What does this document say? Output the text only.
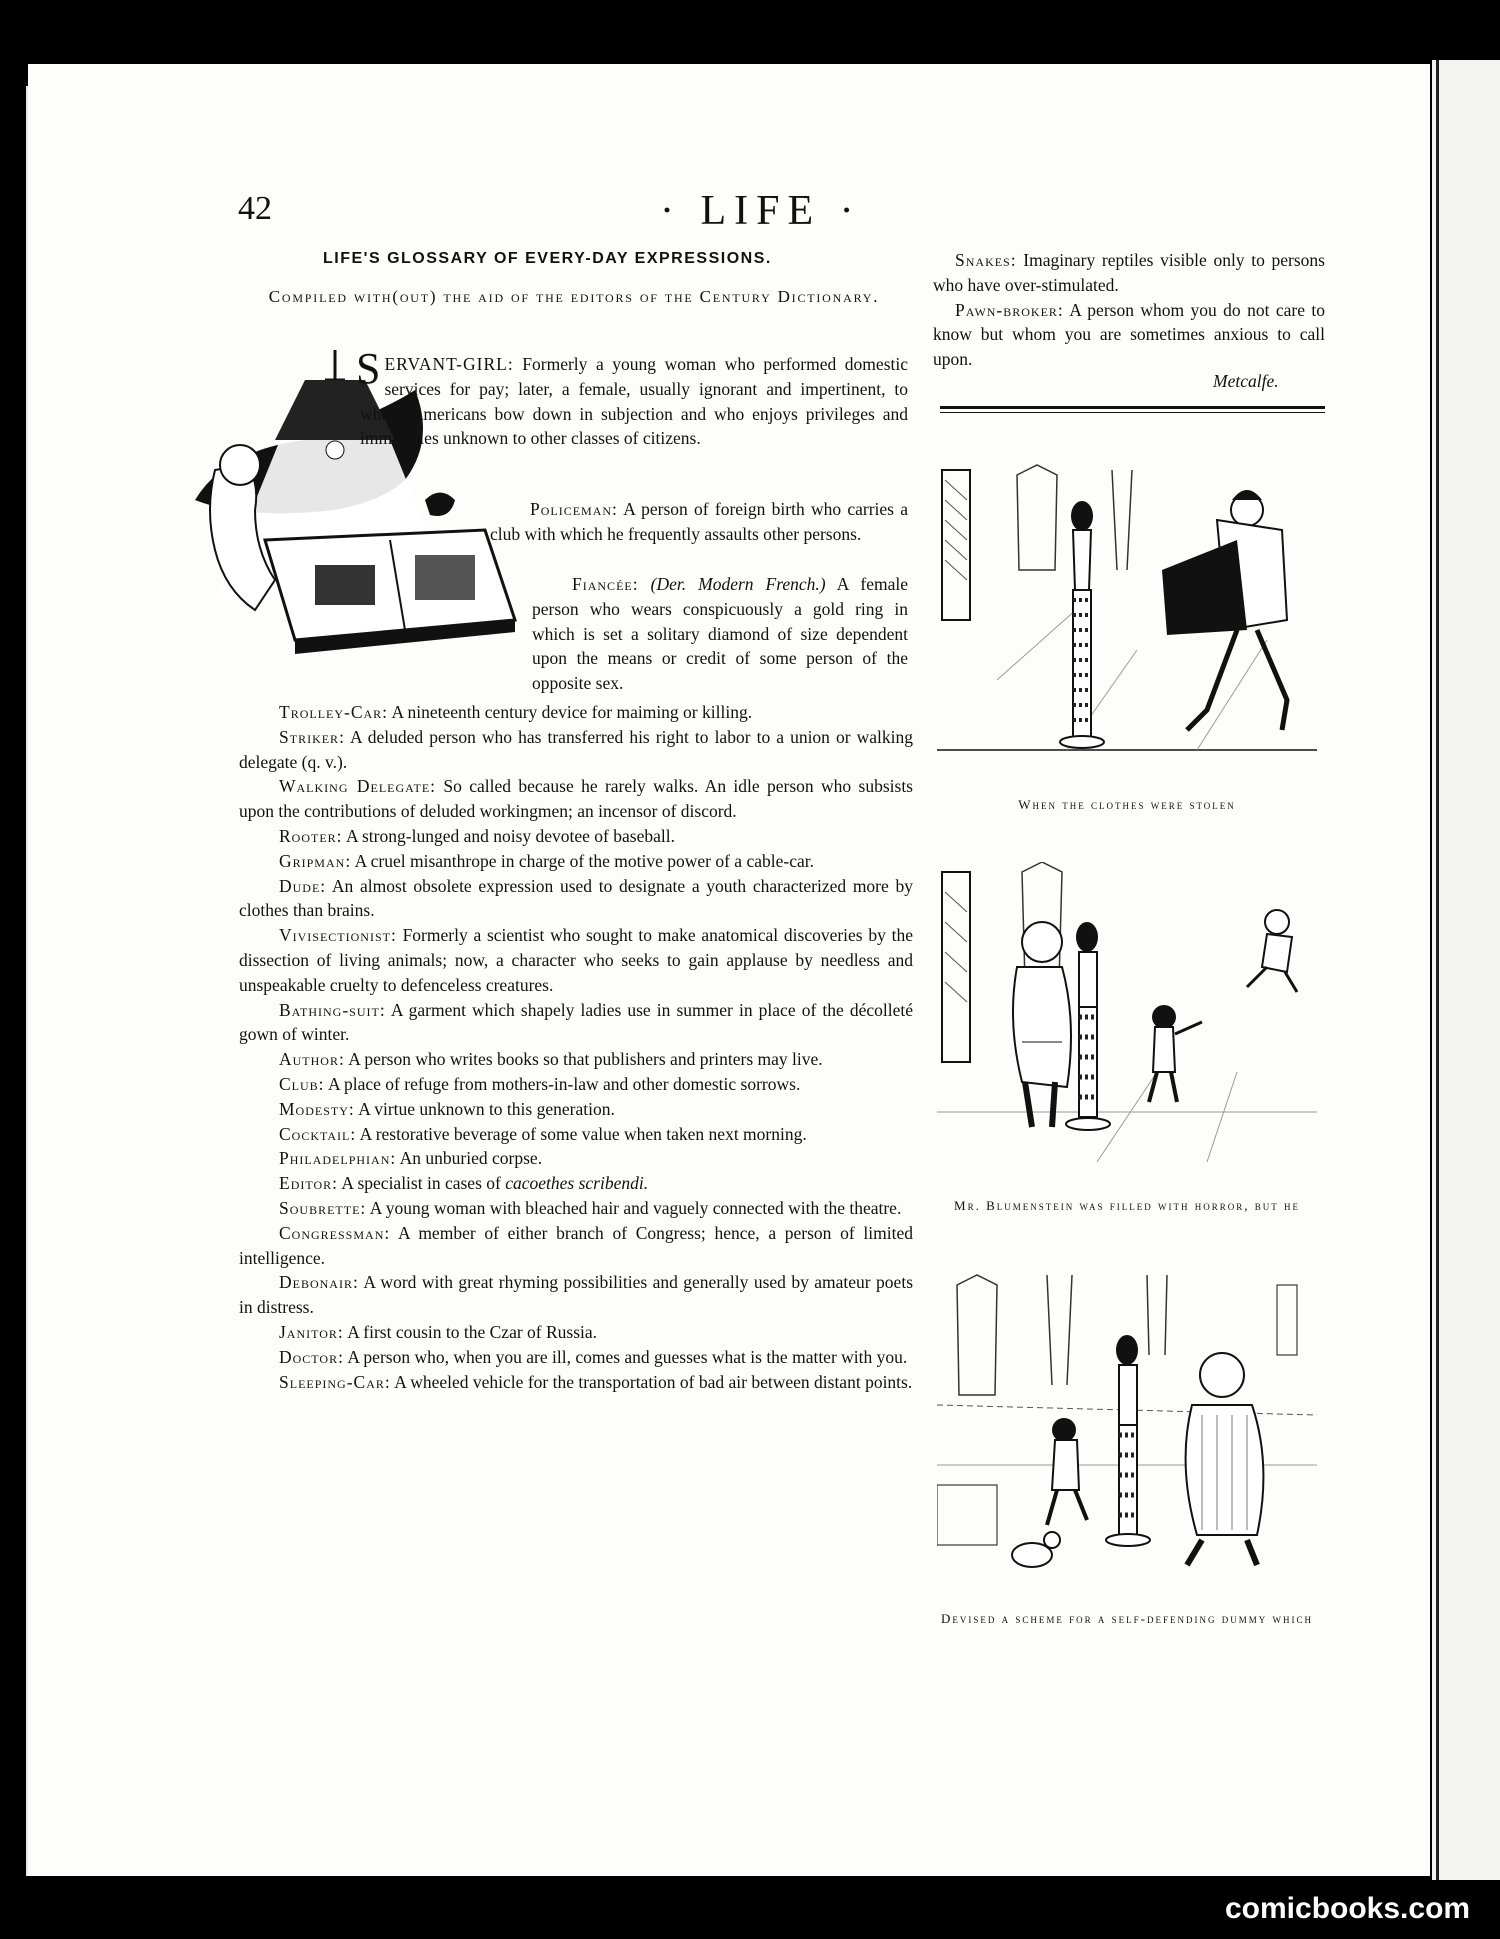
42	· LIFE ·
LIFE'S GLOSSARY OF EVERY-DAY EXPRESSIONS.
Compiled with(out) the aid of the editors of the Century Dictionary.

SERVANT-GIRL: Formerly a young woman who performed domestic services for pay; later, a female, usually ignorant and impertinent, to whom Americans bow down in subjection and who enjoys privileges and immunities unknown to other classes of citizens.

Policeman: A person of foreign birth who carries a club with which he frequently assaults other persons.

Fiancée: (Der. Modern French.) A female person who wears conspicuously a gold ring in which is set a solitary diamond of size dependent upon the means or credit of some person of the opposite sex.

Trolley-Car: A nineteenth century device for maiming or killing.

Striker: A deluded person who has transferred his right to labor to a union or walking delegate (q. v.).

Walking Delegate: So called because he rarely walks. An idle person who subsists upon the contributions of deluded workingmen; an incensor of discord.

Rooter: A strong-lunged and noisy devotee of baseball.

Gripman: A cruel misanthrope in charge of the motive power of a cable-car.

Dude: An almost obsolete expression used to designate a youth characterized more by clothes than brains.

Vivisectionist: Formerly a scientist who sought to make anatomical discoveries by the dissection of living animals; now, a character who seeks to gain applause by needless and unspeakable cruelty to defenceless creatures.

Bathing-suit: A garment which shapely ladies use in summer in place of the décolleté gown of winter.

Author: A person who writes books so that publishers and printers may live.

Club: A place of refuge from mothers-in-law and other domestic sorrows.

Modesty: A virtue unknown to this generation.

Cocktail: A restorative beverage of some value when taken next morning.

Philadelphian: An unburied corpse.

Editor: A specialist in cases of cacoethes scribendi.

Soubrette: A young woman with bleached hair and vaguely connected with the theatre.

Congressman: A member of either branch of Congress; hence, a person of limited intelligence.

Debonair: A word with great rhyming possibilities and generally used by amateur poets in distress.

Janitor: A first cousin to the Czar of Russia.

Doctor: A person who, when you are ill, comes and guesses what is the matter with you.

Sleeping-Car: A wheeled vehicle for the transportation of bad air between distant points.

Snakes: Imaginary reptiles visible only to persons who have over-stimulated.

Pawn-broker: A person whom you do not care to know but whom you are sometimes anxious to call upon.

Metcalfe.
When the clothes were stolen
Mr. Blumenstein was filled with horror, but he
Devised a scheme for a self-defending dummy which
comicbooks.com
